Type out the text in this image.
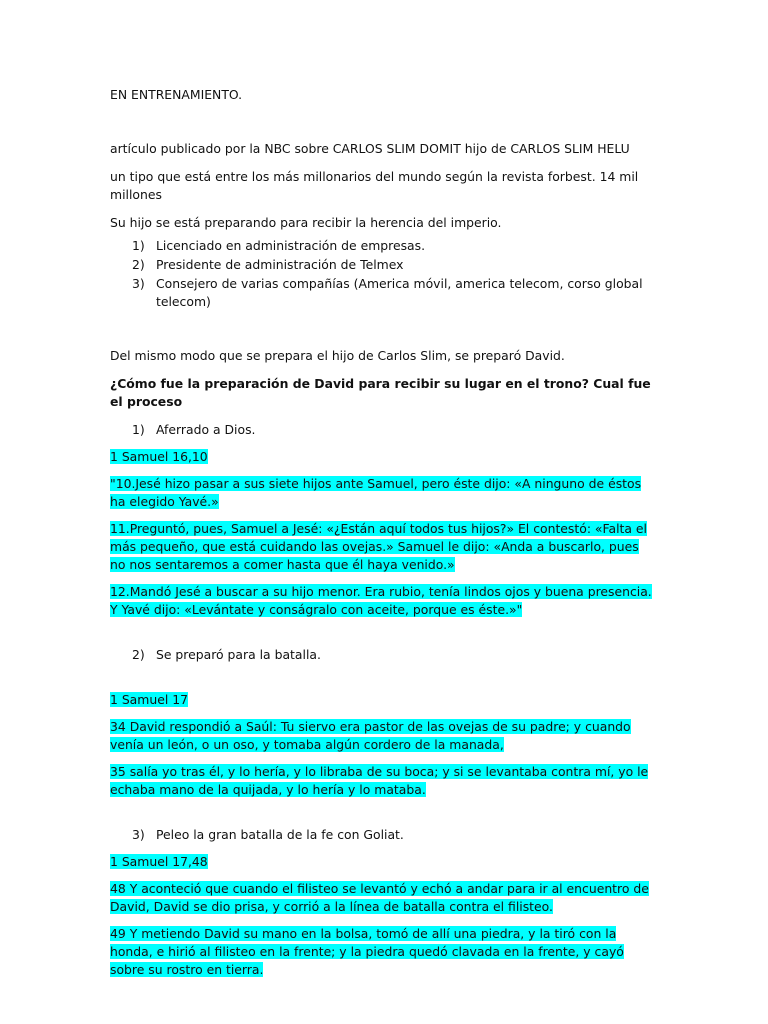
EN ENTRENAMIENTO.

artículo publicado por la NBC sobre CARLOS SLIM DOMIT hijo de CARLOS SLIM HELU

un tipo que está entre los más millonarios del mundo según la revista forbest. 14 mil millones

Su hijo se está preparando para recibir la herencia del imperio.

1) Licenciado en administración de empresas.
2) Presidente de administración de Telmex
3) Consejero de varias compañías (America móvil, america telecom, corso global telecom)

Del mismo modo que se prepara el hijo de Carlos Slim, se preparó David.

¿Cómo fue la preparación de David para recibir su lugar en el trono? Cual fue el proceso

1) Aferrado a Dios.

1 Samuel 16,10

"10.Jesé hizo pasar a sus siete hijos ante Samuel, pero éste dijo: «A ninguno de éstos ha elegido Yavé.»

11.Preguntó, pues, Samuel a Jesé: «¿Están aquí todos tus hijos?» El contestó: «Falta el más pequeño, que está cuidando las ovejas.» Samuel le dijo: «Anda a buscarlo, pues no nos sentaremos a comer hasta que él haya venido.»

12.Mandó Jesé a buscar a su hijo menor. Era rubio, tenía lindos ojos y buena presencia. Y Yavé dijo: «Levántate y conságralo con aceite, porque es éste.»"

2) Se preparó para la batalla.

1 Samuel 17

34 David respondió a Saúl: Tu siervo era pastor de las ovejas de su padre; y cuando venía un león, o un oso, y tomaba algún cordero de la manada,

35 salía yo tras él, y lo hería, y lo libraba de su boca; y si se levantaba contra mí, yo le echaba mano de la quijada, y lo hería y lo mataba.

3) Peleo la gran batalla de la fe con Goliat.

1 Samuel 17,48

48 Y aconteció que cuando el filisteo se levantó y echó a andar para ir al encuentro de David, David se dio prisa, y corrió a la línea de batalla contra el filisteo.

49 Y metiendo David su mano en la bolsa, tomó de allí una piedra, y la tiró con la honda, e hirió al filisteo en la frente; y la piedra quedó clavada en la frente, y cayó sobre su rostro en tierra.
